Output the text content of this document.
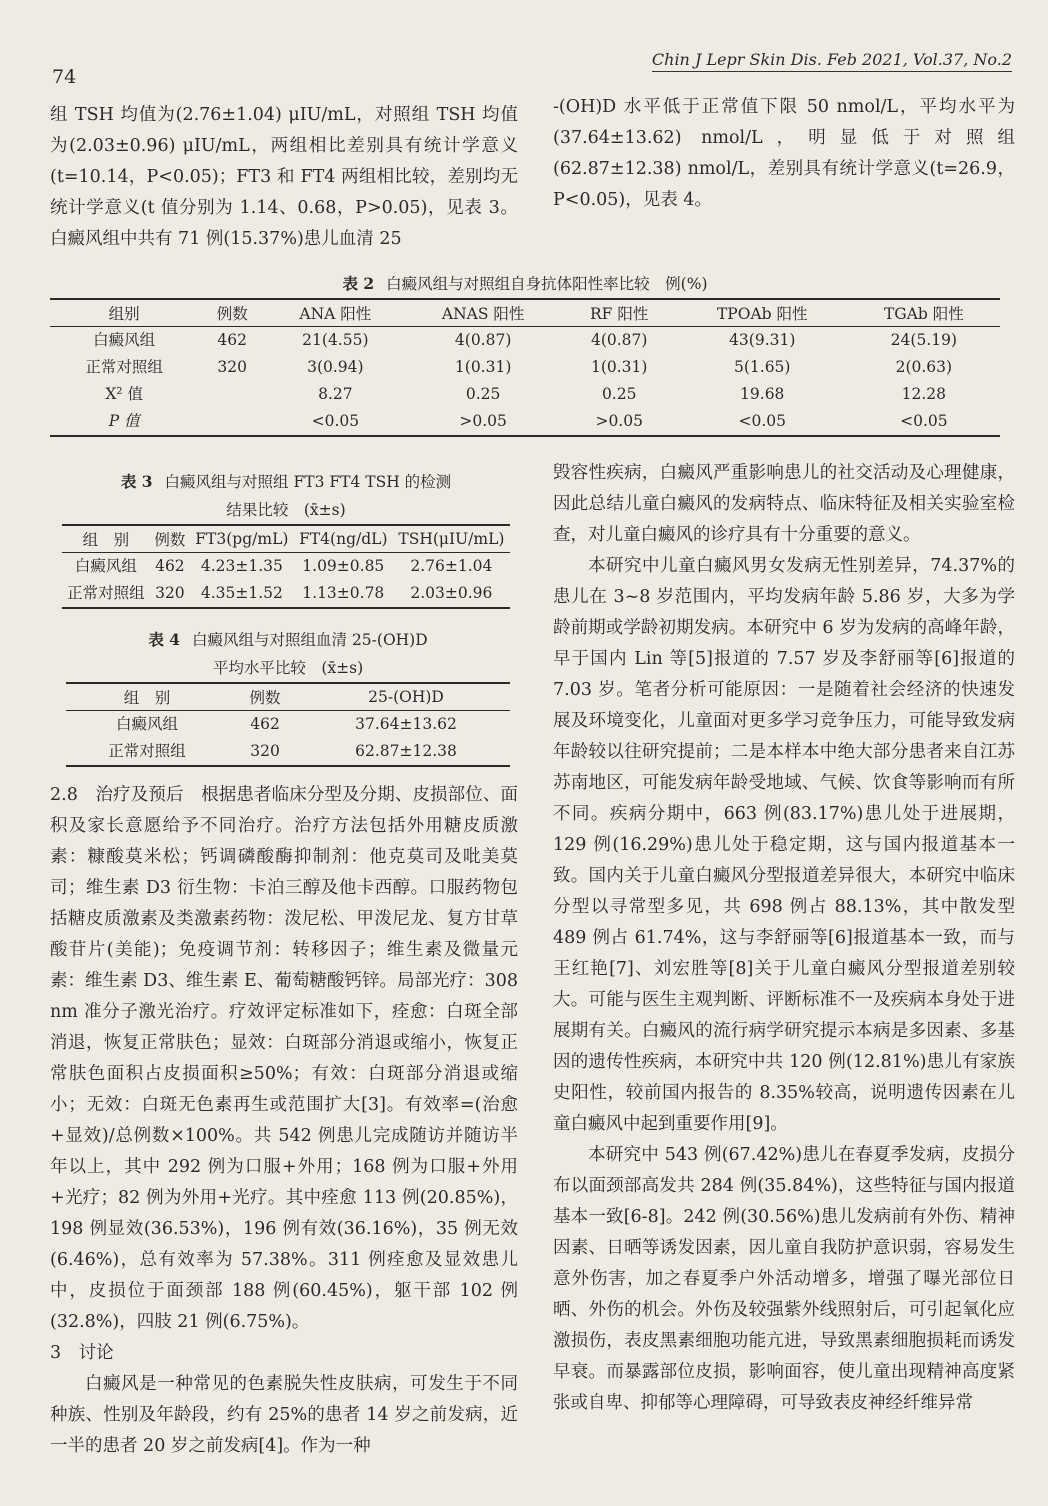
74
Chin J Lepr Skin Dis. Feb 2021, Vol.37, No.2

组 TSH 均值为(2.76±1.04) μIU/mL，对照组 TSH 均值为(2.03±0.96) μIU/mL，两组相比差别具有统计学意义(t=10.14，P<0.05)；FT3 和 FT4 两组相比较，差别均无统计学意义(t 值分别为 1.14、0.68，P>0.05)，见表 3。白癜风组中共有 71 例(15.37%)患儿血清 25

-(OH)D 水平低于正常值下限 50 nmol/L，平均水平为(37.64±13.62) nmol/L，明显低于对照组(62.87±12.38) nmol/L，差别具有统计学意义(t=26.9，P<0.05)，见表 4。

表 2 白癜风组与对照组自身抗体阳性率比较　例(%)
组别	例数	ANA 阳性	ANAS 阳性	RF 阳性	TPOAb 阳性	TGAb 阳性
白癜风组	462	21(4.55)	4(0.87)	4(0.87)	43(9.31)	24(5.19)
正常对照组	320	3(0.94)	1(0.31)	1(0.31)	5(1.65)	2(0.63)
X² 值		8.27	0.25	0.25	19.68	12.28
P 值		<0.05	>0.05	>0.05	<0.05	<0.05
表 3 白癜风组与对照组 FT3 FT4 TSH 的检测
结果比较　(x̄±s)
组　别	例数	FT3(pg/mL)	FT4(ng/dL)	TSH(μIU/mL)
白癜风组	462	4.23±1.35	1.09±0.85	2.76±1.04
正常对照组	320	4.35±1.52	1.13±0.78	2.03±0.96
表 4 白癜风组与对照组血清 25-(OH)D
平均水平比较　(x̄±s)
组　别	例数	25-(OH)D
白癜风组	462	37.64±13.62
正常对照组	320	62.87±12.38

2.8　治疗及预后　根据患者临床分型及分期、皮损部位、面积及家长意愿给予不同治疗。治疗方法包括外用糖皮质激素：糠酸莫米松；钙调磷酸酶抑制剂：他克莫司及吡美莫司；维生素 D3 衍生物：卡泊三醇及他卡西醇。口服药物包括糖皮质激素及类激素药物：泼尼松、甲泼尼龙、复方甘草酸苷片(美能)；免疫调节剂：转移因子；维生素及微量元素：维生素 D3、维生素 E、葡萄糖酸钙锌。局部光疗：308 nm 准分子激光治疗。疗效评定标准如下，痊愈：白斑全部消退，恢复正常肤色；显效：白斑部分消退或缩小，恢复正常肤色面积占皮损面积≥50%；有效：白斑部分消退或缩小；无效：白斑无色素再生或范围扩大[3]。有效率=(治愈+显效)/总例数×100%。共 542 例患儿完成随访并随访半年以上，其中 292 例为口服+外用；168 例为口服+外用+光疗；82 例为外用+光疗。其中痊愈 113 例(20.85%)，198 例显效(36.53%)，196 例有效(36.16%)，35 例无效(6.46%)，总有效率为 57.38%。311 例痊愈及显效患儿中，皮损位于面颈部 188 例(60.45%)，躯干部 102 例(32.8%)，四肢 21 例(6.75%)。

3　讨论

白癜风是一种常见的色素脱失性皮肤病，可发生于不同种族、性别及年龄段，约有 25%的患者 14 岁之前发病，近一半的患者 20 岁之前发病[4]。作为一种

毁容性疾病，白癜风严重影响患儿的社交活动及心理健康，因此总结儿童白癜风的发病特点、临床特征及相关实验室检查，对儿童白癜风的诊疗具有十分重要的意义。

本研究中儿童白癜风男女发病无性别差异，74.37%的患儿在 3~8 岁范围内，平均发病年龄 5.86 岁，大多为学龄前期或学龄初期发病。本研究中 6 岁为发病的高峰年龄，早于国内 Lin 等[5]报道的 7.57 岁及李舒丽等[6]报道的 7.03 岁。笔者分析可能原因：一是随着社会经济的快速发展及环境变化，儿童面对更多学习竞争压力，可能导致发病年龄较以往研究提前；二是本样本中绝大部分患者来自江苏苏南地区，可能发病年龄受地域、气候、饮食等影响而有所不同。疾病分期中，663 例(83.17%)患儿处于进展期，129 例(16.29%)患儿处于稳定期，这与国内报道基本一致。国内关于儿童白癜风分型报道差异很大，本研究中临床分型以寻常型多见，共 698 例占 88.13%，其中散发型 489 例占 61.74%，这与李舒丽等[6]报道基本一致，而与王红艳[7]、刘宏胜等[8]关于儿童白癜风分型报道差别较大。可能与医生主观判断、评断标准不一及疾病本身处于进展期有关。白癜风的流行病学研究提示本病是多因素、多基因的遗传性疾病，本研究中共 120 例(12.81%)患儿有家族史阳性，较前国内报告的 8.35%较高，说明遗传因素在儿童白癜风中起到重要作用[9]。

本研究中 543 例(67.42%)患儿在春夏季发病，皮损分布以面颈部高发共 284 例(35.84%)，这些特征与国内报道基本一致[6-8]。242 例(30.56%)患儿发病前有外伤、精神因素、日晒等诱发因素，因儿童自我防护意识弱，容易发生意外伤害，加之春夏季户外活动增多，增强了曝光部位日晒、外伤的机会。外伤及较强紫外线照射后，可引起氧化应激损伤，表皮黑素细胞功能亢进，导致黑素细胞损耗而诱发早衰。而暴露部位皮损，影响面容，使儿童出现精神高度紧张或自卑、抑郁等心理障碍，可导致表皮神经纤维异常
